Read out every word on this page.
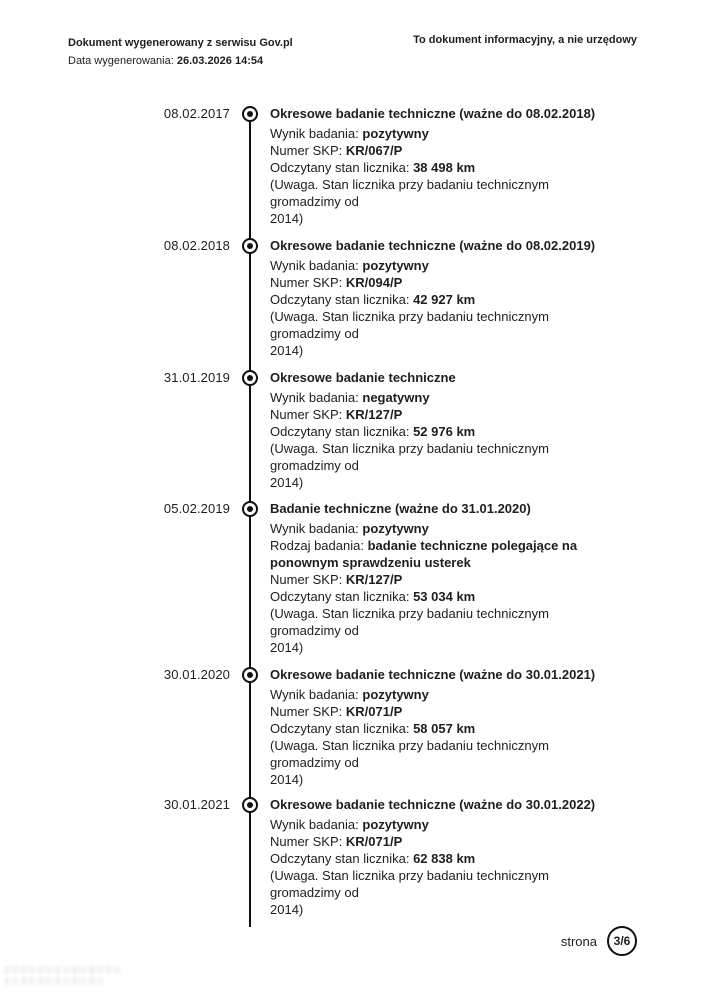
Dokument wygenerowany z serwisu Gov.pl
Data wygenerowania: 26.03.2026 14:54
To dokument informacyjny, a nie urzędowy
08.02.2017	Okresowe badanie techniczne (ważne do 08.02.2018)
Wynik badania: pozytywny
Numer SKP: KR/067/P
Odczytany stan licznika: 38 498 km
(Uwaga. Stan licznika przy badaniu technicznym gromadzimy od
2014)
08.02.2018	Okresowe badanie techniczne (ważne do 08.02.2019)
Wynik badania: pozytywny
Numer SKP: KR/094/P
Odczytany stan licznika: 42 927 km
(Uwaga. Stan licznika przy badaniu technicznym gromadzimy od
2014)
31.01.2019	Okresowe badanie techniczne
Wynik badania: negatywny
Numer SKP: KR/127/P
Odczytany stan licznika: 52 976 km
(Uwaga. Stan licznika przy badaniu technicznym gromadzimy od
2014)
05.02.2019	Badanie techniczne (ważne do 31.01.2020)
Wynik badania: pozytywny
Rodzaj badania: badanie techniczne polegające na ponownym sprawdzeniu usterek
Numer SKP: KR/127/P
Odczytany stan licznika: 53 034 km
(Uwaga. Stan licznika przy badaniu technicznym gromadzimy od
2014)
30.01.2020	Okresowe badanie techniczne (ważne do 30.01.2021)
Wynik badania: pozytywny
Numer SKP: KR/071/P
Odczytany stan licznika: 58 057 km
(Uwaga. Stan licznika przy badaniu technicznym gromadzimy od
2014)
30.01.2021	Okresowe badanie techniczne (ważne do 30.01.2022)
Wynik badania: pozytywny
Numer SKP: KR/071/P
Odczytany stan licznika: 62 838 km
(Uwaga. Stan licznika przy badaniu technicznym gromadzimy od
2014)
strona	3/6
